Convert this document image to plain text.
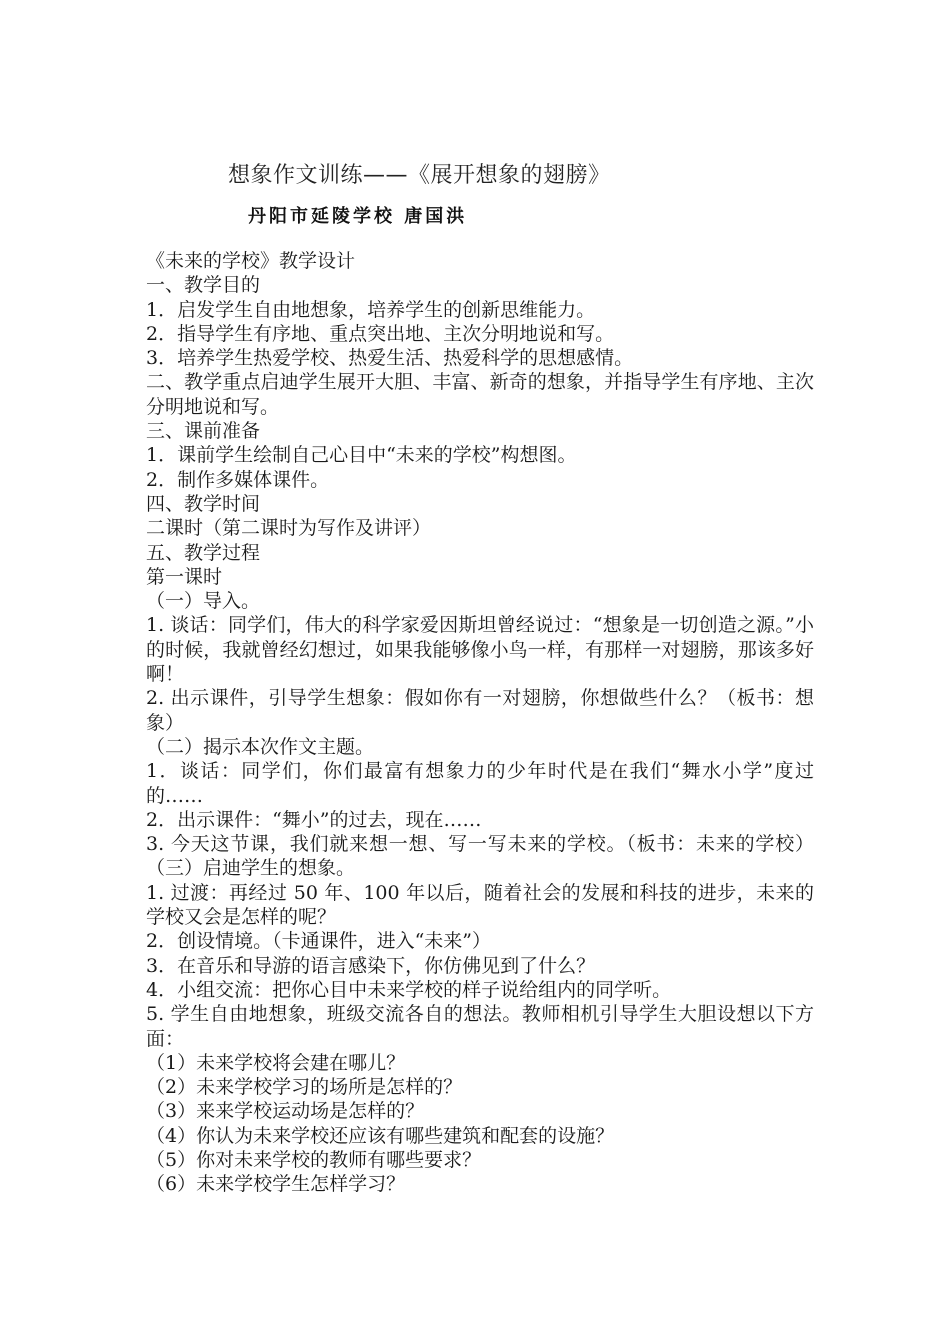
想象作文训练——《展开想象的翅膀》
丹阳市延陵学校 唐国洪

《未来的学校》教学设计

一、教学目的

1．启发学生自由地想象，培养学生的创新思维能力。

2．指导学生有序地、重点突出地、主次分明地说和写。

3．培养学生热爱学校、热爱生活、热爱科学的思想感情。

二、教学重点启迪学生展开大胆、丰富、新奇的想象，并指导学生有序地、主次分明地说和写。

三、课前准备

1．课前学生绘制自己心目中“未来的学校”构想图。

2．制作多媒体课件。

四、教学时间

二课时（第二课时为写作及讲评）

五、教学过程

第一课时

（一）导入。

1. 谈话：同学们，伟大的科学家爱因斯坦曾经说过：“想象是一切创造之源。”小的时候，我就曾经幻想过，如果我能够像小鸟一样，有那样一对翅膀，那该多好啊！

2. 出示课件，引导学生想象：假如你有一对翅膀，你想做些什么？（板书：想象）

（二）揭示本次作文主题。

1．谈话：同学们，你们最富有想象力的少年时代是在我们“舞水小学”度过的……

2．出示课件：“舞小”的过去，现在……

3. 今天这节课，我们就来想一想、写一写未来的学校。（板书：未来的学校）（三）启迪学生的想象。

1. 过渡：再经过 50 年、100 年以后，随着社会的发展和科技的进步，未来的学校又会是怎样的呢？

2．创设情境。（卡通课件，进入“未来”）

3．在音乐和导游的语言感染下，你仿佛见到了什么？

4．小组交流：把你心目中未来学校的样子说给组内的同学听。

5. 学生自由地想象，班级交流各自的想法。教师相机引导学生大胆设想以下方面：

（1）未来学校将会建在哪儿？

（2）未来学校学习的场所是怎样的？

（3）来来学校运动场是怎样的？

（4）你认为未来学校还应该有哪些建筑和配套的设施？

（5）你对未来学校的教师有哪些要求？

（6）未来学校学生怎样学习？
